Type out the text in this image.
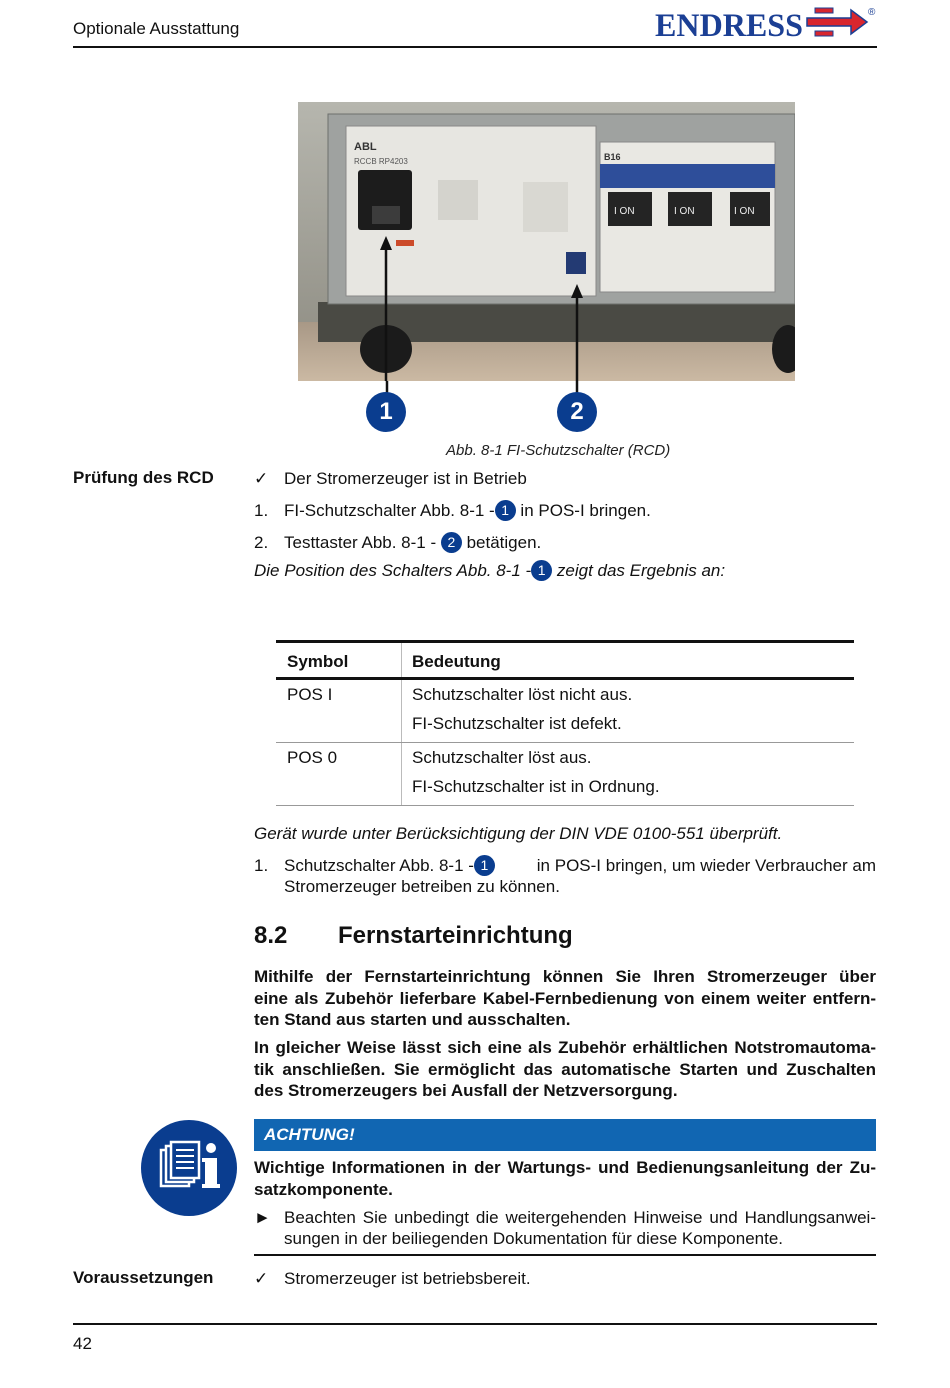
Optionale Ausstattung	ENDRESS	®
ABL
RCCB RP4203	B16
I ON	I ON	I ON
1	2
Abb. 8-1 FI-Schutzschalter (RCD)
Prüfung des RCD ✓ Der Stromerzeuger ist in Betrieb
1. FI-Schutzschalter Abb. 8-1 - 1 in POS-I bringen.
2. Testtaster Abb. 8-1 - 2 betätigen.
Die Position des Schalters Abb. 8-1 - 1 zeigt das Ergebnis an:
Symbol	Bedeutung
POS I	Schutzschalter löst nicht aus.
FI-Schutzschalter ist defekt.
POS 0	Schutzschalter löst aus.
FI-Schutzschalter ist in Ordnung.
Gerät wurde unter Berücksichtigung der DIN VDE 0100-551 überprüft.
1. Schutzschalter Abb. 8-1 - 1	in POS-I bringen, um wieder Verbraucher am
Stromerzeuger betreiben zu können.
8.2 Fernstarteinrichtung
Mithilfe der Fernstarteinrichtung können Sie Ihren Stromerzeuger über
eine als Zubehör lieferbare Kabel-Fernbedienung von einem weiter entfern-
ten Stand aus starten und ausschalten.
In gleicher Weise lässt sich eine als Zubehör erhältlichen Notstromautoma-
tik anschließen. Sie ermöglicht das automatische Starten und Zuschalten
des Stromerzeugers bei Ausfall der Netzversorgung.
ACHTUNG!
Wichtige Informationen in der Wartungs- und Bedienungsanleitung der Zu-
satzkomponente.
► Beachten Sie unbedingt die weitergehenden Hinweise und Handlungsanwei-
sungen in der beiliegenden Dokumentation für diese Komponente.
Voraussetzungen ✓ Stromerzeuger ist betriebsbereit.
42
